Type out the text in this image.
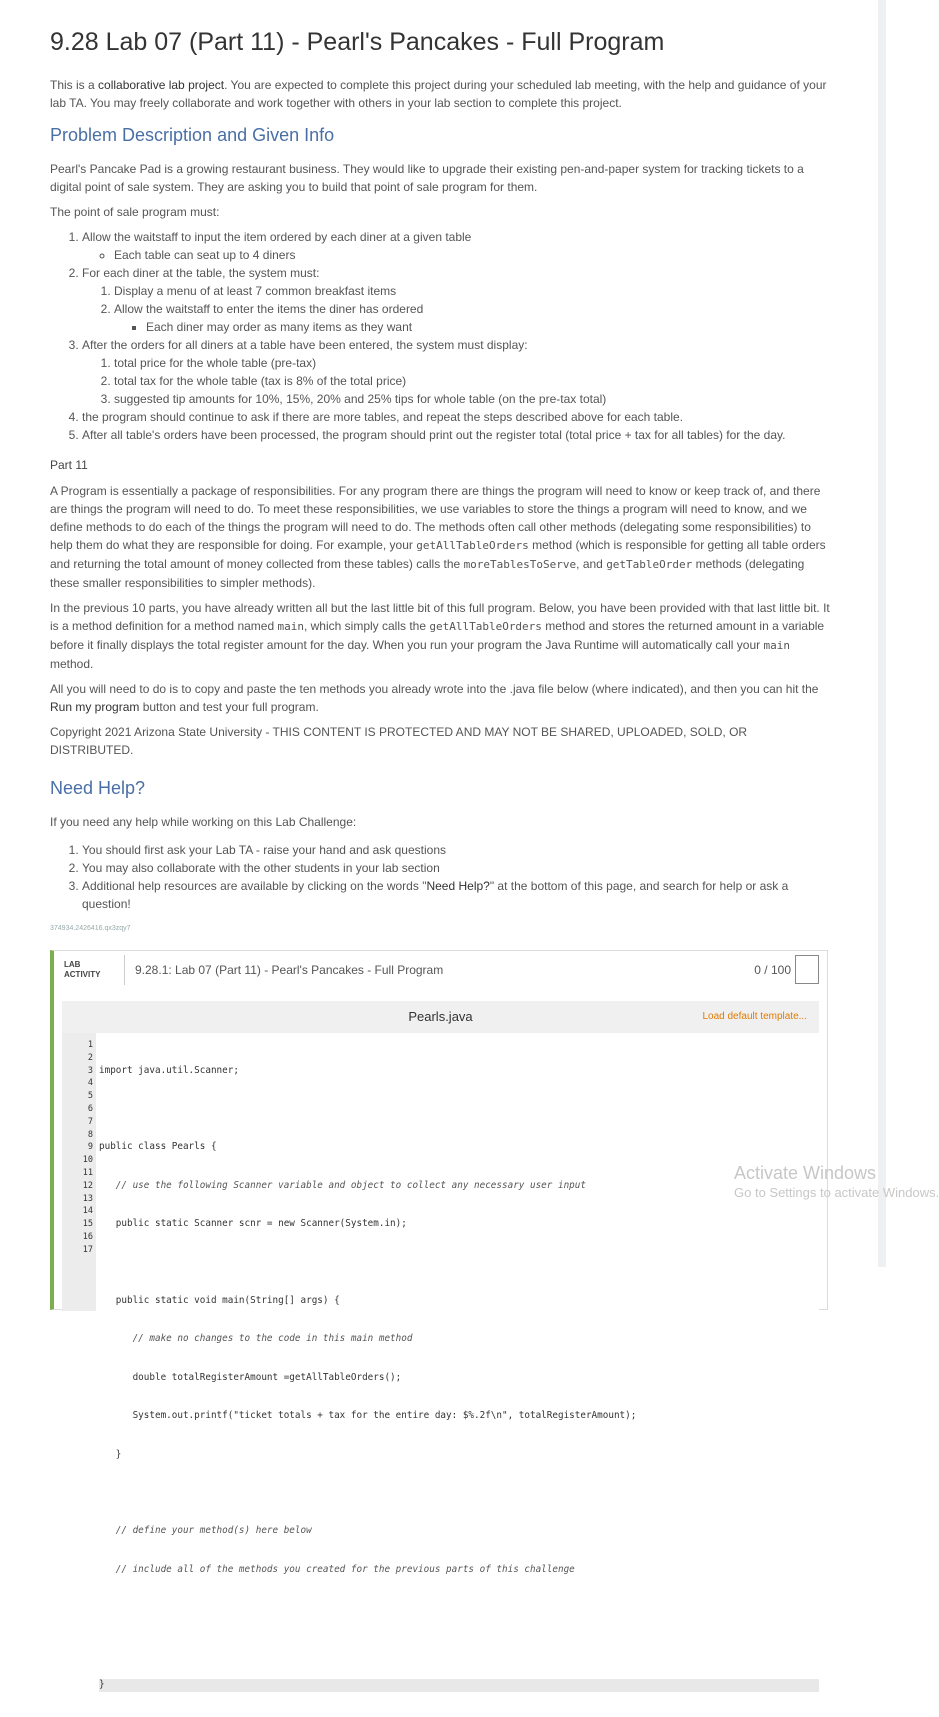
9.28 Lab 07 (Part 11) - Pearl's Pancakes - Full Program

This is a collaborative lab project. You are expected to complete this project during your scheduled lab meeting, with the help and guidance of your lab TA. You may freely collaborate and work together with others in your lab section to complete this project.

Problem Description and Given Info

Pearl's Pancake Pad is a growing restaurant business. They would like to upgrade their existing pen-and-paper system for tracking tickets to a digital point of sale system. They are asking you to build that point of sale program for them.

The point of sale program must:

1. Allow the waitstaff to input the item ordered by each diner at a given table
◦ Each table can seat up to 4 diners
2. For each diner at the table, the system must:
1. Display a menu of at least 7 common breakfast items
2. Allow the waitstaff to enter the items the diner has ordered
▪ Each diner may order as many items as they want
3. After the orders for all diners at a table have been entered, the system must display:
1. total price for the whole table (pre-tax)
2. total tax for the whole table (tax is 8% of the total price)
3. suggested tip amounts for 10%, 15%, 20% and 25% tips for whole table (on the pre-tax total)
4. the program should continue to ask if there are more tables, and repeat the steps described above for each table.
5. After all table's orders have been processed, the program should print out the register total (total price + tax for all tables) for the day.
Part 11

A Program is essentially a package of responsibilities. For any program there are things the program will need to know or keep track of, and there are things the program will need to do. To meet these responsibilities, we use variables to store the things a program will need to know, and we define methods to do each of the things the program will need to do. The methods often call other methods (delegating some responsibilities) to help them do what they are responsible for doing. For example, your getAllTableOrders method (which is responsible for getting all table orders and returning the total amount of money collected from these tables) calls the moreTablesToServe, and getTableOrder methods (delegating these smaller responsibilities to simpler methods).

In the previous 10 parts, you have already written all but the last little bit of this full program. Below, you have been provided with that last little bit. It is a method definition for a method named main, which simply calls the getAllTableOrders method and stores the returned amount in a variable before it finally displays the total register amount for the day. When you run your program the Java Runtime will automatically call your main method.

All you will need to do is to copy and paste the ten methods you already wrote into the .java file below (where indicated), and then you can hit the Run my program button and test your full program.

Copyright 2021 Arizona State University - THIS CONTENT IS PROTECTED AND MAY NOT BE SHARED, UPLOADED, SOLD, OR DISTRIBUTED.

Need Help?

If you need any help while working on this Lab Challenge:

1. You should first ask your Lab TA - raise your hand and ask questions
2. You may also collaborate with the other students in your lab section
3. Additional help resources are available by clicking on the words "Need Help?" at the bottom of this page, and search for help or ask a question!
374934.2426416.qx3zqy7
LAB
ACTIVITY	9.28.1: Lab 07 (Part 11) - Pearl's Pancakes - Full Program	0 / 100
Pearls.java	Load default template...
1
2
3
4
5
6
7
8
9
10
11
12
13
14
15
16
17

import java.util.Scanner;

public class Pearls {

// use the following Scanner variable and object to collect any necessary user input

public static Scanner scnr = new Scanner(System.in);

public static void main(String[] args) {

// make no changes to the code in this main method

double totalRegisterAmount =getAllTableOrders();

System.out.printf("ticket totals + tax for the entire day: $%.2f\n", totalRegisterAmount);

}

// define your method(s) here below

// include all of the methods you created for the previous parts of this challenge

}

Activate Windows
Go to Settings to activate Windows.
